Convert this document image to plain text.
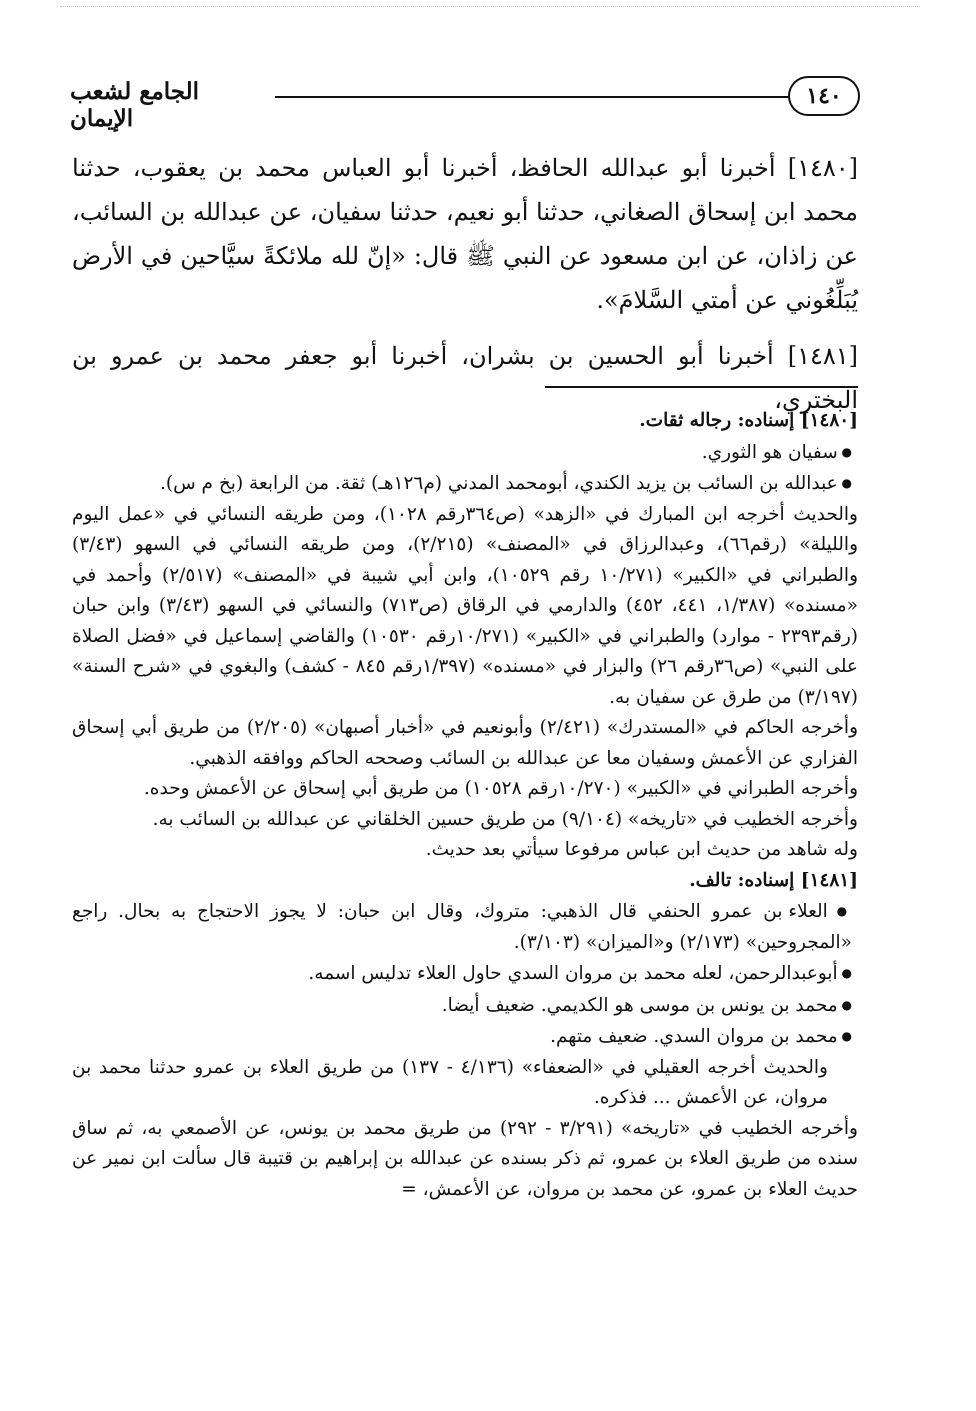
١٤٠
الجامع لشعب الإيمان

[١٤٨٠] أخبرنا أبو عبدالله الحافظ، أخبرنا أبو العباس محمد بن يعقوب، حدثنا محمد ابن إسحاق الصغاني، حدثنا أبو نعيم، حدثنا سفيان، عن عبدالله بن السائب، عن زاذان، عن ابن مسعود عن النبي ﷺ قال: «إنّ لله ملائكةً سيَّاحين في الأرض يُبَلِّغُوني عن أمتي السَّلامَ».

[١٤٨١] أخبرنا أبو الحسين بن بشران، أخبرنا أبو جعفر محمد بن عمرو بن البختري،

[١٤٨٠] إسناده: رجاله ثقات.

● سفيان هو الثوري.

● عبدالله بن السائب بن يزيد الكندي، أبومحمد المدني (م١٢٦هـ) ثقة. من الرابعة (بخ م س).

والحديث أخرجه ابن المبارك في «الزهد» (ص٣٦٤رقم ١٠٢٨)، ومن طريقه النسائي في «عمل اليوم والليلة» (رقم٦٦)، وعبدالرزاق في «المصنف» (٢/٢١٥)، ومن طريقه النسائي في السهو (٣/٤٣) والطبراني في «الكبير» (١٠/٢٧١ رقم ١٠٥٢٩)، وابن أبي شيبة في «المصنف» (٢/٥١٧) وأحمد في «مسنده» (١/٣٨٧، ٤٤١، ٤٥٢) والدارمي في الرقاق (ص٧١٣) والنسائي في السهو (٣/٤٣) وابن حبان (رقم٢٣٩٣ - موارد) والطبراني في «الكبير» (١٠/٢٧١رقم ١٠٥٣٠) والقاضي إسماعيل في «فضل الصلاة على النبي» (ص٣٦رقم ٢٦) والبزار في «مسنده» (١/٣٩٧رقم ٨٤٥ - كشف) والبغوي في «شرح السنة» (٣/١٩٧) من طرق عن سفيان به.

وأخرجه الحاكم في «المستدرك» (٢/٤٢١) وأبونعيم في «أخبار أصبهان» (٢/٢٠٥) من طريق أبي إسحاق الفزاري عن الأعمش وسفيان معا عن عبدالله بن السائب وصححه الحاكم ووافقه الذهبي.

وأخرجه الطبراني في «الكبير» (١٠/٢٧٠رقم ١٠٥٢٨) من طريق أبي إسحاق عن الأعمش وحده.

وأخرجه الخطيب في «تاريخه» (٩/١٠٤) من طريق حسين الخلقاني عن عبدالله بن السائب به.

وله شاهد من حديث ابن عباس مرفوعا سيأتي بعد حديث.

[١٤٨١] إسناده: تالف.

● العلاء بن عمرو الحنفي قال الذهبي: متروك، وقال ابن حبان: لا يجوز الاحتجاج به بحال. راجع «المجروحين» (٢/١٧٣) و«الميزان» (٣/١٠٣).

● أبوعبدالرحمن، لعله محمد بن مروان السدي حاول العلاء تدليس اسمه.

● محمد بن يونس بن موسى هو الكديمي. ضعيف أيضا.

● محمد بن مروان السدي. ضعيف متهم.

والحديث أخرجه العقيلي في «الضعفاء» (٤/١٣٦ - ١٣٧) من طريق العلاء بن عمرو حدثنا محمد بن مروان، عن الأعمش ... فذكره.

وأخرجه الخطيب في «تاريخه» (٣/٢٩١ - ٢٩٢) من طريق محمد بن يونس، عن الأصمعي به، ثم ساق سنده من طريق العلاء بن عمرو، ثم ذكر بسنده عن عبدالله بن إبراهيم بن قتيبة قال سألت ابن نمير عن حديث العلاء بن عمرو، عن محمد بن مروان، عن الأعمش، =
